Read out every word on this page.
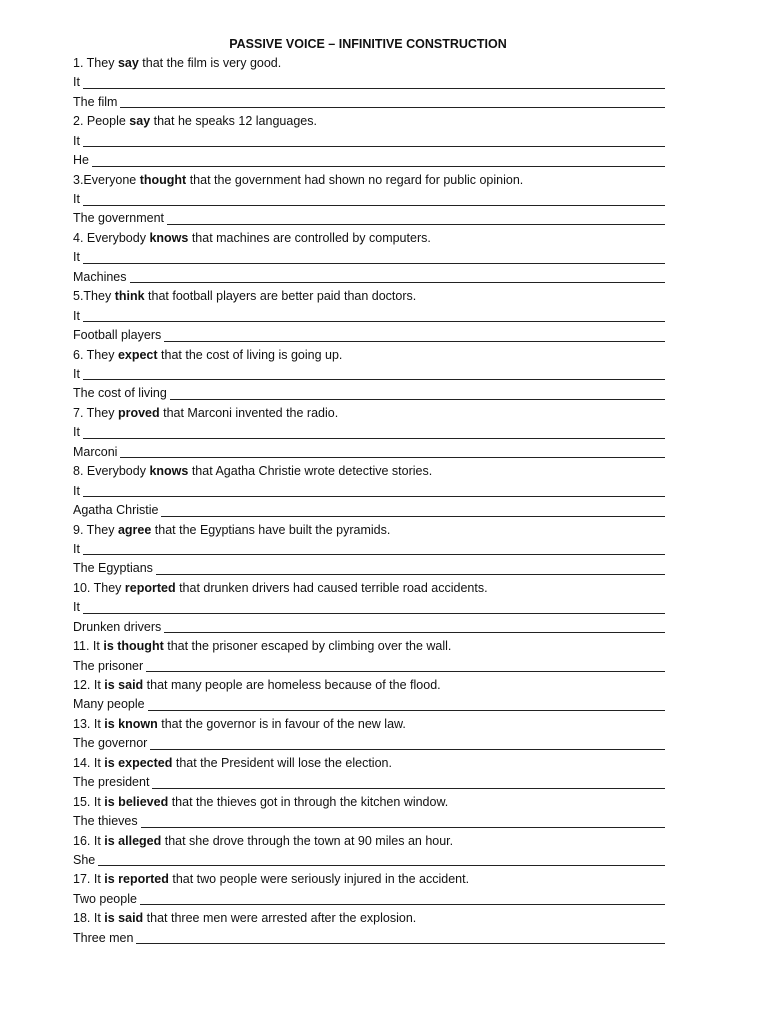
PASSIVE VOICE – INFINITIVE CONSTRUCTION
1. They say that the film is very good.
It
The film
2. People say that he speaks 12 languages.
It
He
3.Everyone thought that the government had shown no regard for public opinion.
It
The government
4. Everybody knows that machines are controlled by computers.
It
Machines
5.They think that football players are better paid than doctors.
It
Football players
6. They expect that the cost of living is going up.
It
The cost of living
7. They proved that Marconi invented the radio.
It
Marconi
8. Everybody knows that Agatha Christie wrote detective stories.
It
Agatha Christie
9. They agree that the Egyptians have built the pyramids.
It
The Egyptians
10. They reported that drunken drivers had caused terrible road accidents.
It
Drunken drivers
11. It is thought that the prisoner escaped by climbing over the wall.
The prisoner
12. It is said that many people are homeless because of the flood.
Many people
13. It is known that the governor is in favour of the new law.
The governor
14. It is expected that the President will lose the election.
The president
15. It is believed that the thieves got in through the kitchen window.
The thieves
16. It is alleged that she drove through the town at 90 miles an hour.
She
17. It is reported that two people were seriously injured in the accident.
Two people
18. It is said that three men were arrested after the explosion.
Three men
